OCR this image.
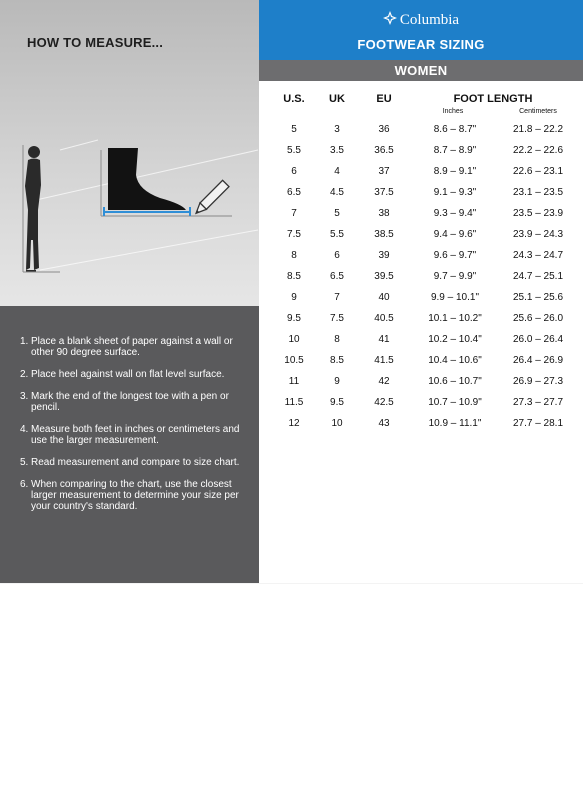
HOW TO MEASURE...
1. Place a blank sheet of paper against a wall or other 90 degree surface.
2. Place heel against wall on flat level surface.
3. Mark the end of the longest toe with a pen or pencil.
4. Measure both feet in inches or centimeters and use the larger measurement.
5. Read measurement and compare to size chart.
6. When comparing to the chart, use the closest larger measurement to determine your size per your country's standard.
Columbia
FOOTWEAR SIZING
WOMEN
U.S.	UK	EU	FOOT LENGTH
Inches	Centimeters
5	3	36	8.6 – 8.7"	21.8 – 22.2
5.5	3.5	36.5	8.7 – 8.9"	22.2 – 22.6
6	4	37	8.9 – 9.1"	22.6 – 23.1
6.5	4.5	37.5	9.1 – 9.3"	23.1 – 23.5
7	5	38	9.3 – 9.4"	23.5 – 23.9
7.5	5.5	38.5	9.4 – 9.6"	23.9 – 24.3
8	6	39	9.6 – 9.7"	24.3 – 24.7
8.5	6.5	39.5	9.7 – 9.9"	24.7 – 25.1
9	7	40	9.9 – 10.1"	25.1 – 25.6
9.5	7.5	40.5	10.1 – 10.2"	25.6 – 26.0
10	8	41	10.2 – 10.4"	26.0 – 26.4
10.5	8.5	41.5	10.4 – 10.6"	26.4 – 26.9
11	9	42	10.6 – 10.7"	26.9 – 27.3
11.5	9.5	42.5	10.7 – 10.9"	27.3 – 27.7
12	10	43	10.9 – 11.1"	27.7 – 28.1
